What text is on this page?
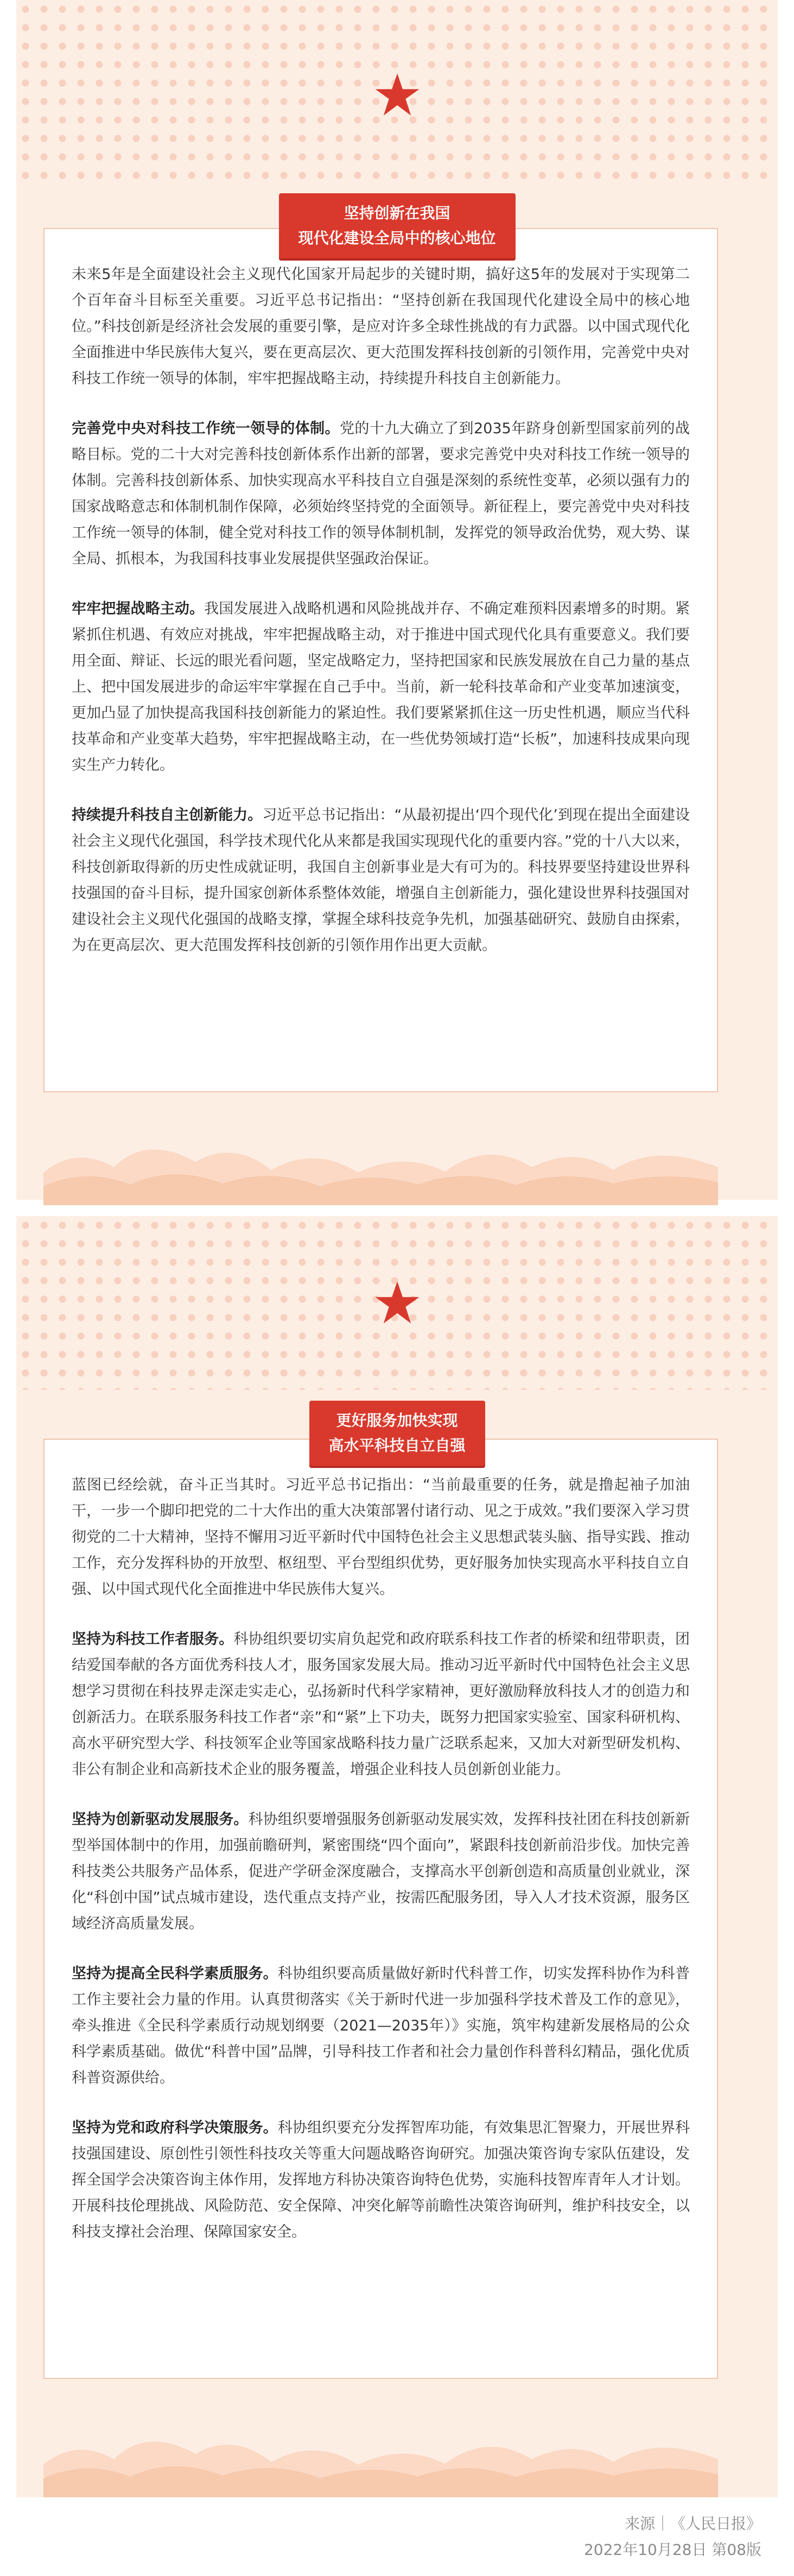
坚持创新在我国
现代化建设全局中的核心地位

未来5年是全面建设社会主义现代化国家开局起步的关键时期，搞好这5年的发展对于实现第二个百年奋斗目标至关重要。习近平总书记指出：“坚持创新在我国现代化建设全局中的核心地位。”科技创新是经济社会发展的重要引擎，是应对许多全球性挑战的有力武器。以中国式现代化全面推进中华民族伟大复兴，要在更高层次、更大范围发挥科技创新的引领作用，完善党中央对科技工作统一领导的体制，牢牢把握战略主动，持续提升科技自主创新能力。

完善党中央对科技工作统一领导的体制。党的十九大确立了到2035年跻身创新型国家前列的战略目标。党的二十大对完善科技创新体系作出新的部署，要求完善党中央对科技工作统一领导的体制。完善科技创新体系、加快实现高水平科技自立自强是深刻的系统性变革，必须以强有力的国家战略意志和体制机制作保障，必须始终坚持党的全面领导。新征程上，要完善党中央对科技工作统一领导的体制，健全党对科技工作的领导体制机制，发挥党的领导政治优势，观大势、谋全局、抓根本，为我国科技事业发展提供坚强政治保证。

牢牢把握战略主动。我国发展进入战略机遇和风险挑战并存、不确定难预料因素增多的时期。紧紧抓住机遇、有效应对挑战，牢牢把握战略主动，对于推进中国式现代化具有重要意义。我们要用全面、辩证、长远的眼光看问题，坚定战略定力，坚持把国家和民族发展放在自己力量的基点上、把中国发展进步的命运牢牢掌握在自己手中。当前，新一轮科技革命和产业变革加速演变，更加凸显了加快提高我国科技创新能力的紧迫性。我们要紧紧抓住这一历史性机遇，顺应当代科技革命和产业变革大趋势，牢牢把握战略主动，在一些优势领域打造“长板”，加速科技成果向现实生产力转化。

持续提升科技自主创新能力。习近平总书记指出：“从最初提出‘四个现代化’到现在提出全面建设社会主义现代化强国，科学技术现代化从来都是我国实现现代化的重要内容。”党的十八大以来，科技创新取得新的历史性成就证明，我国自主创新事业是大有可为的。科技界要坚持建设世界科技强国的奋斗目标，提升国家创新体系整体效能，增强自主创新能力，强化建设世界科技强国对建设社会主义现代化强国的战略支撑，掌握全球科技竞争先机，加强基础研究、鼓励自由探索，为在更高层次、更大范围发挥科技创新的引领作用作出更大贡献。

更好服务加快实现
高水平科技自立自强

蓝图已经绘就，奋斗正当其时。习近平总书记指出：“当前最重要的任务，就是撸起袖子加油干，一步一个脚印把党的二十大作出的重大决策部署付诸行动、见之于成效。”我们要深入学习贯彻党的二十大精神，坚持不懈用习近平新时代中国特色社会主义思想武装头脑、指导实践、推动工作，充分发挥科协的开放型、枢纽型、平台型组织优势，更好服务加快实现高水平科技自立自强、以中国式现代化全面推进中华民族伟大复兴。

坚持为科技工作者服务。科协组织要切实肩负起党和政府联系科技工作者的桥梁和纽带职责，团结爱国奉献的各方面优秀科技人才，服务国家发展大局。推动习近平新时代中国特色社会主义思想学习贯彻在科技界走深走实走心，弘扬新时代科学家精神，更好激励释放科技人才的创造力和创新活力。在联系服务科技工作者“亲”和“紧”上下功夫，既努力把国家实验室、国家科研机构、高水平研究型大学、科技领军企业等国家战略科技力量广泛联系起来，又加大对新型研发机构、非公有制企业和高新技术企业的服务覆盖，增强企业科技人员创新创业能力。

坚持为创新驱动发展服务。科协组织要增强服务创新驱动发展实效，发挥科技社团在科技创新新型举国体制中的作用，加强前瞻研判，紧密围绕“四个面向”，紧跟科技创新前沿步伐。加快完善科技类公共服务产品体系，促进产学研金深度融合，支撑高水平创新创造和高质量创业就业，深化“科创中国”试点城市建设，迭代重点支持产业，按需匹配服务团，导入人才技术资源，服务区域经济高质量发展。

坚持为提高全民科学素质服务。科协组织要高质量做好新时代科普工作，切实发挥科协作为科普工作主要社会力量的作用。认真贯彻落实《关于新时代进一步加强科学技术普及工作的意见》，牵头推进《全民科学素质行动规划纲要（2021—2035年）》实施，筑牢构建新发展格局的公众科学素质基础。做优“科普中国”品牌，引导科技工作者和社会力量创作科普科幻精品，强化优质科普资源供给。

坚持为党和政府科学决策服务。科协组织要充分发挥智库功能，有效集思汇智聚力，开展世界科技强国建设、原创性引领性科技攻关等重大问题战略咨询研究。加强决策咨询专家队伍建设，发挥全国学会决策咨询主体作用，发挥地方科协决策咨询特色优势，实施科技智库青年人才计划。开展科技伦理挑战、风险防范、安全保障、冲突化解等前瞻性决策咨询研判，维护科技安全，以科技支撑社会治理、保障国家安全。

来源｜《人民日报》
2022年10月28日 第08版
